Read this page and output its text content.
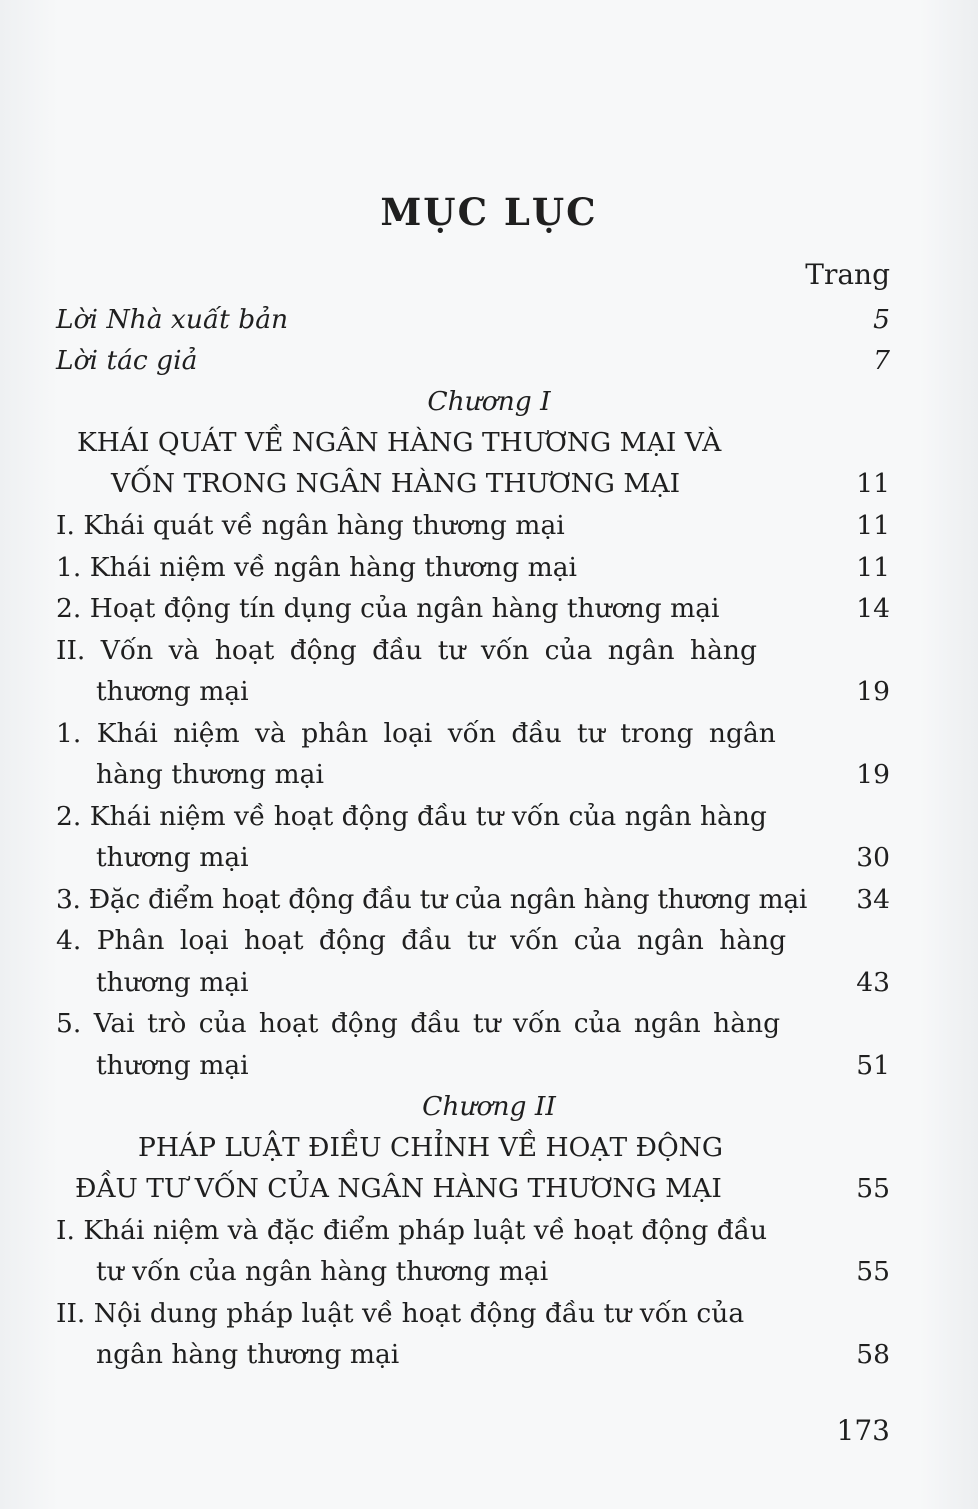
MỤC LỤC
Trang
Lời Nhà xuất bản	5
Lời tác giả	7
Chương I
KHÁI QUÁT VỀ NGÂN HÀNG THƯƠNG MẠI VÀ
VỐN TRONG NGÂN HÀNG THƯƠNG MẠI	11
I. Khái quát về ngân hàng thương mại	11
1. Khái niệm về ngân hàng thương mại	11
2. Hoạt động tín dụng của ngân hàng thương mại	14
II. Vốn và hoạt động đầu tư vốn của ngân hàng
thương mại	19
1. Khái niệm và phân loại vốn đầu tư trong ngân
hàng thương mại	19
2. Khái niệm về hoạt động đầu tư vốn của ngân hàng
thương mại	30
3. Đặc điểm hoạt động đầu tư của ngân hàng thương mại 34
4. Phân loại hoạt động đầu tư vốn của ngân hàng
thương mại	43
5. Vai trò của hoạt động đầu tư vốn của ngân hàng
thương mại	51
Chương II
PHÁP LUẬT ĐIỀU CHỈNH VỀ HOẠT ĐỘNG
ĐẦU TƯ VỐN CỦA NGÂN HÀNG THƯƠNG MẠI	55
I. Khái niệm và đặc điểm pháp luật về hoạt động đầu
tư vốn của ngân hàng thương mại	55
II. Nội dung pháp luật về hoạt động đầu tư vốn của
ngân hàng thương mại	58
173
